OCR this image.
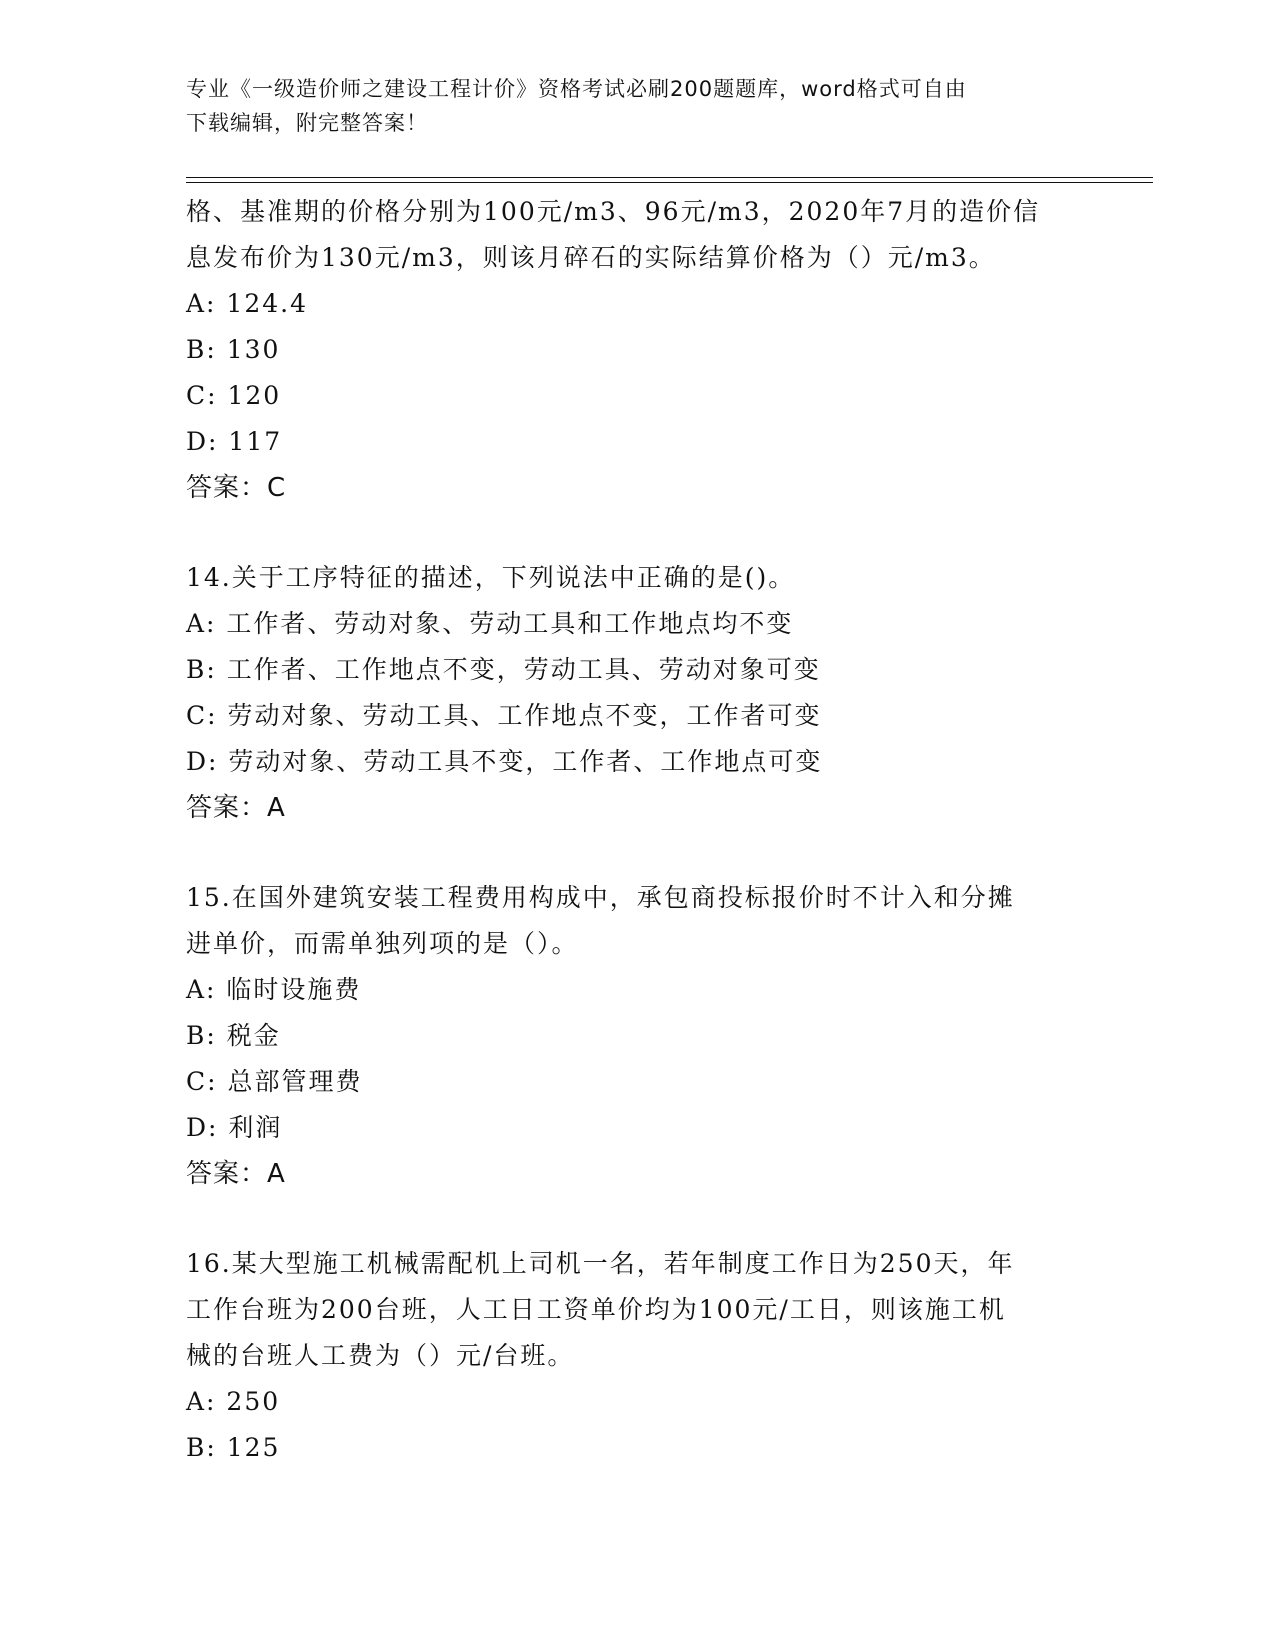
专业《一级造价师之建设工程计价》资格考试必刷200题题库，word格式可自由
下载编辑，附完整答案！
格、基准期的价格分别为100元/m3、96元/m3，2020年7月的造价信
息发布价为130元/m3，则该月碎石的实际结算价格为（）元/m3。
A: 124.4
B: 130
C: 120
D: 117
答案：C
14.关于工序特征的描述，下列说法中正确的是()。
A: 工作者、劳动对象、劳动工具和工作地点均不变
B: 工作者、工作地点不变，劳动工具、劳动对象可变
C: 劳动对象、劳动工具、工作地点不变，工作者可变
D: 劳动对象、劳动工具不变，工作者、工作地点可变
答案：A
15.在国外建筑安装工程费用构成中，承包商投标报价时不计入和分摊
进单价，而需单独列项的是（）。
A: 临时设施费
B: 税金
C: 总部管理费
D: 利润
答案：A
16.某大型施工机械需配机上司机一名，若年制度工作日为250天，年
工作台班为200台班，人工日工资单价均为100元/工日，则该施工机
械的台班人工费为（）元/台班。
A: 250
B: 125
